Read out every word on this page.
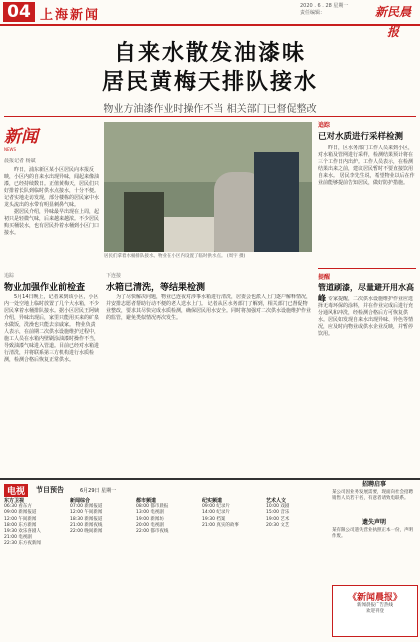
04 上海新闻
2020 . 6 . 28 星期一
责任编辑：	新民晨报
自来水散发油漆味
居民黄梅天排队接水
物业方油漆作业时操作不当 相关部门已督促整改
新闻
NEWS
晨报记者 杨斌

昨日，浦东新区某小区居民向本报反映，小区内的自来水出现异味，闻起来像油漆，已经持续数日。正值黄梅天，居民们只好排着长队到临时供水点接水，十分不便。记者实地走访发现，部分楼栋的居民家中水龙头流出的水带有明显刺鼻气味。

据居民介绍，异味最早出现在上周，起初只是轻微气味，后来越来越浓。不少居民购买桶装水，也有居民拎着水桶到小区门口接水。

居民们拿着水桶排队接水。物业在小区内设置了临时供水点。 (周宇 摄)
追踪
已对水质进行采样检测

昨日，区水务部门工作人员来到小区，对水箱及管网进行采样，检测结果预计将在三个工作日内出炉。工作人员表示，在检测结果出来之前，建议居民暂时不要直接饮用自来水。 居民李先生说，希望物业以后在作业前能够提前告知居民，做好防护措施。

提醒
管道刷漆，尽量避开用水高峰 专家提醒，二次供水设施维护作业应选择无毒环保的涂料，并在作业完成后进行充分通风和冲洗，经检测合格后方可恢复供水。居民如发现自来水出现异味、异色等情况，应及时向物业或供水企业反映，并暂停饮用。

追踪
物业加强作业前检查

5月14日晚上，记者来到该小区，小区内一处空地上临时放置了几个大水箱，不少居民拿着水桶排队接水。据小区居民王阿姨介绍，异味出现后，家里只能用买来的矿泉水做饭，洗澡也只能去亲戚家。 物业负责人表示，在前期二次供水设施维护过程中，施工人员在水箱内壁刷涂油漆时操作不当，导致油漆气味进入管道。目前已经对水箱进行清洗，并将联系第三方机构进行水质检测，检测合格后恢复正常供水。

下连接
水箱已清洗，等结果检测

为了尽快解决问题，物业已连夜对涉事水箱进行清洗，居委会也派人上门逐户解释情况，并安排志愿者帮助行动不便的老人送水上门。 记者从区水务部门了解到，相关部门已督促物业整改，要求其尽快完成水质检测，确保居民用水安全。同时将加强对二次供水设施维护作业的监管，避免类似情况再次发生。

电视	节目预告	6月29日 星期一
东方卫视
06:30 看东方
09:00 新闻报道
12:00 午间新闻
18:00 东方新闻
19:30 欢乐喜剧人
21:00 电视剧
22:30 东方夜新闻
新闻综合
07:00 新闻报道
12:00 午间新闻
18:30 新闻报道
21:00 新闻夜线
22:00 晚间新闻
都市频道
08:00 都市晨报
13:00 电视剧
19:00 新闻坊
20:00 电视剧
22:00 都市夜线
纪实频道
09:00 纪录片
14:00 纪录片
19:30 档案
21:00 真实的故事
艺术人文
10:00 戏剧
15:00 音乐
19:00 艺术
20:30 文艺
招聘启事
某公司因业务发展需要，现面向社会招聘销售人员若干名，有意者请致电联系。
遗失声明
某有限公司遗失营业执照正本一份，声明作废。
《新闻晨报》
新闻晨报广告热线
欢迎刊登
